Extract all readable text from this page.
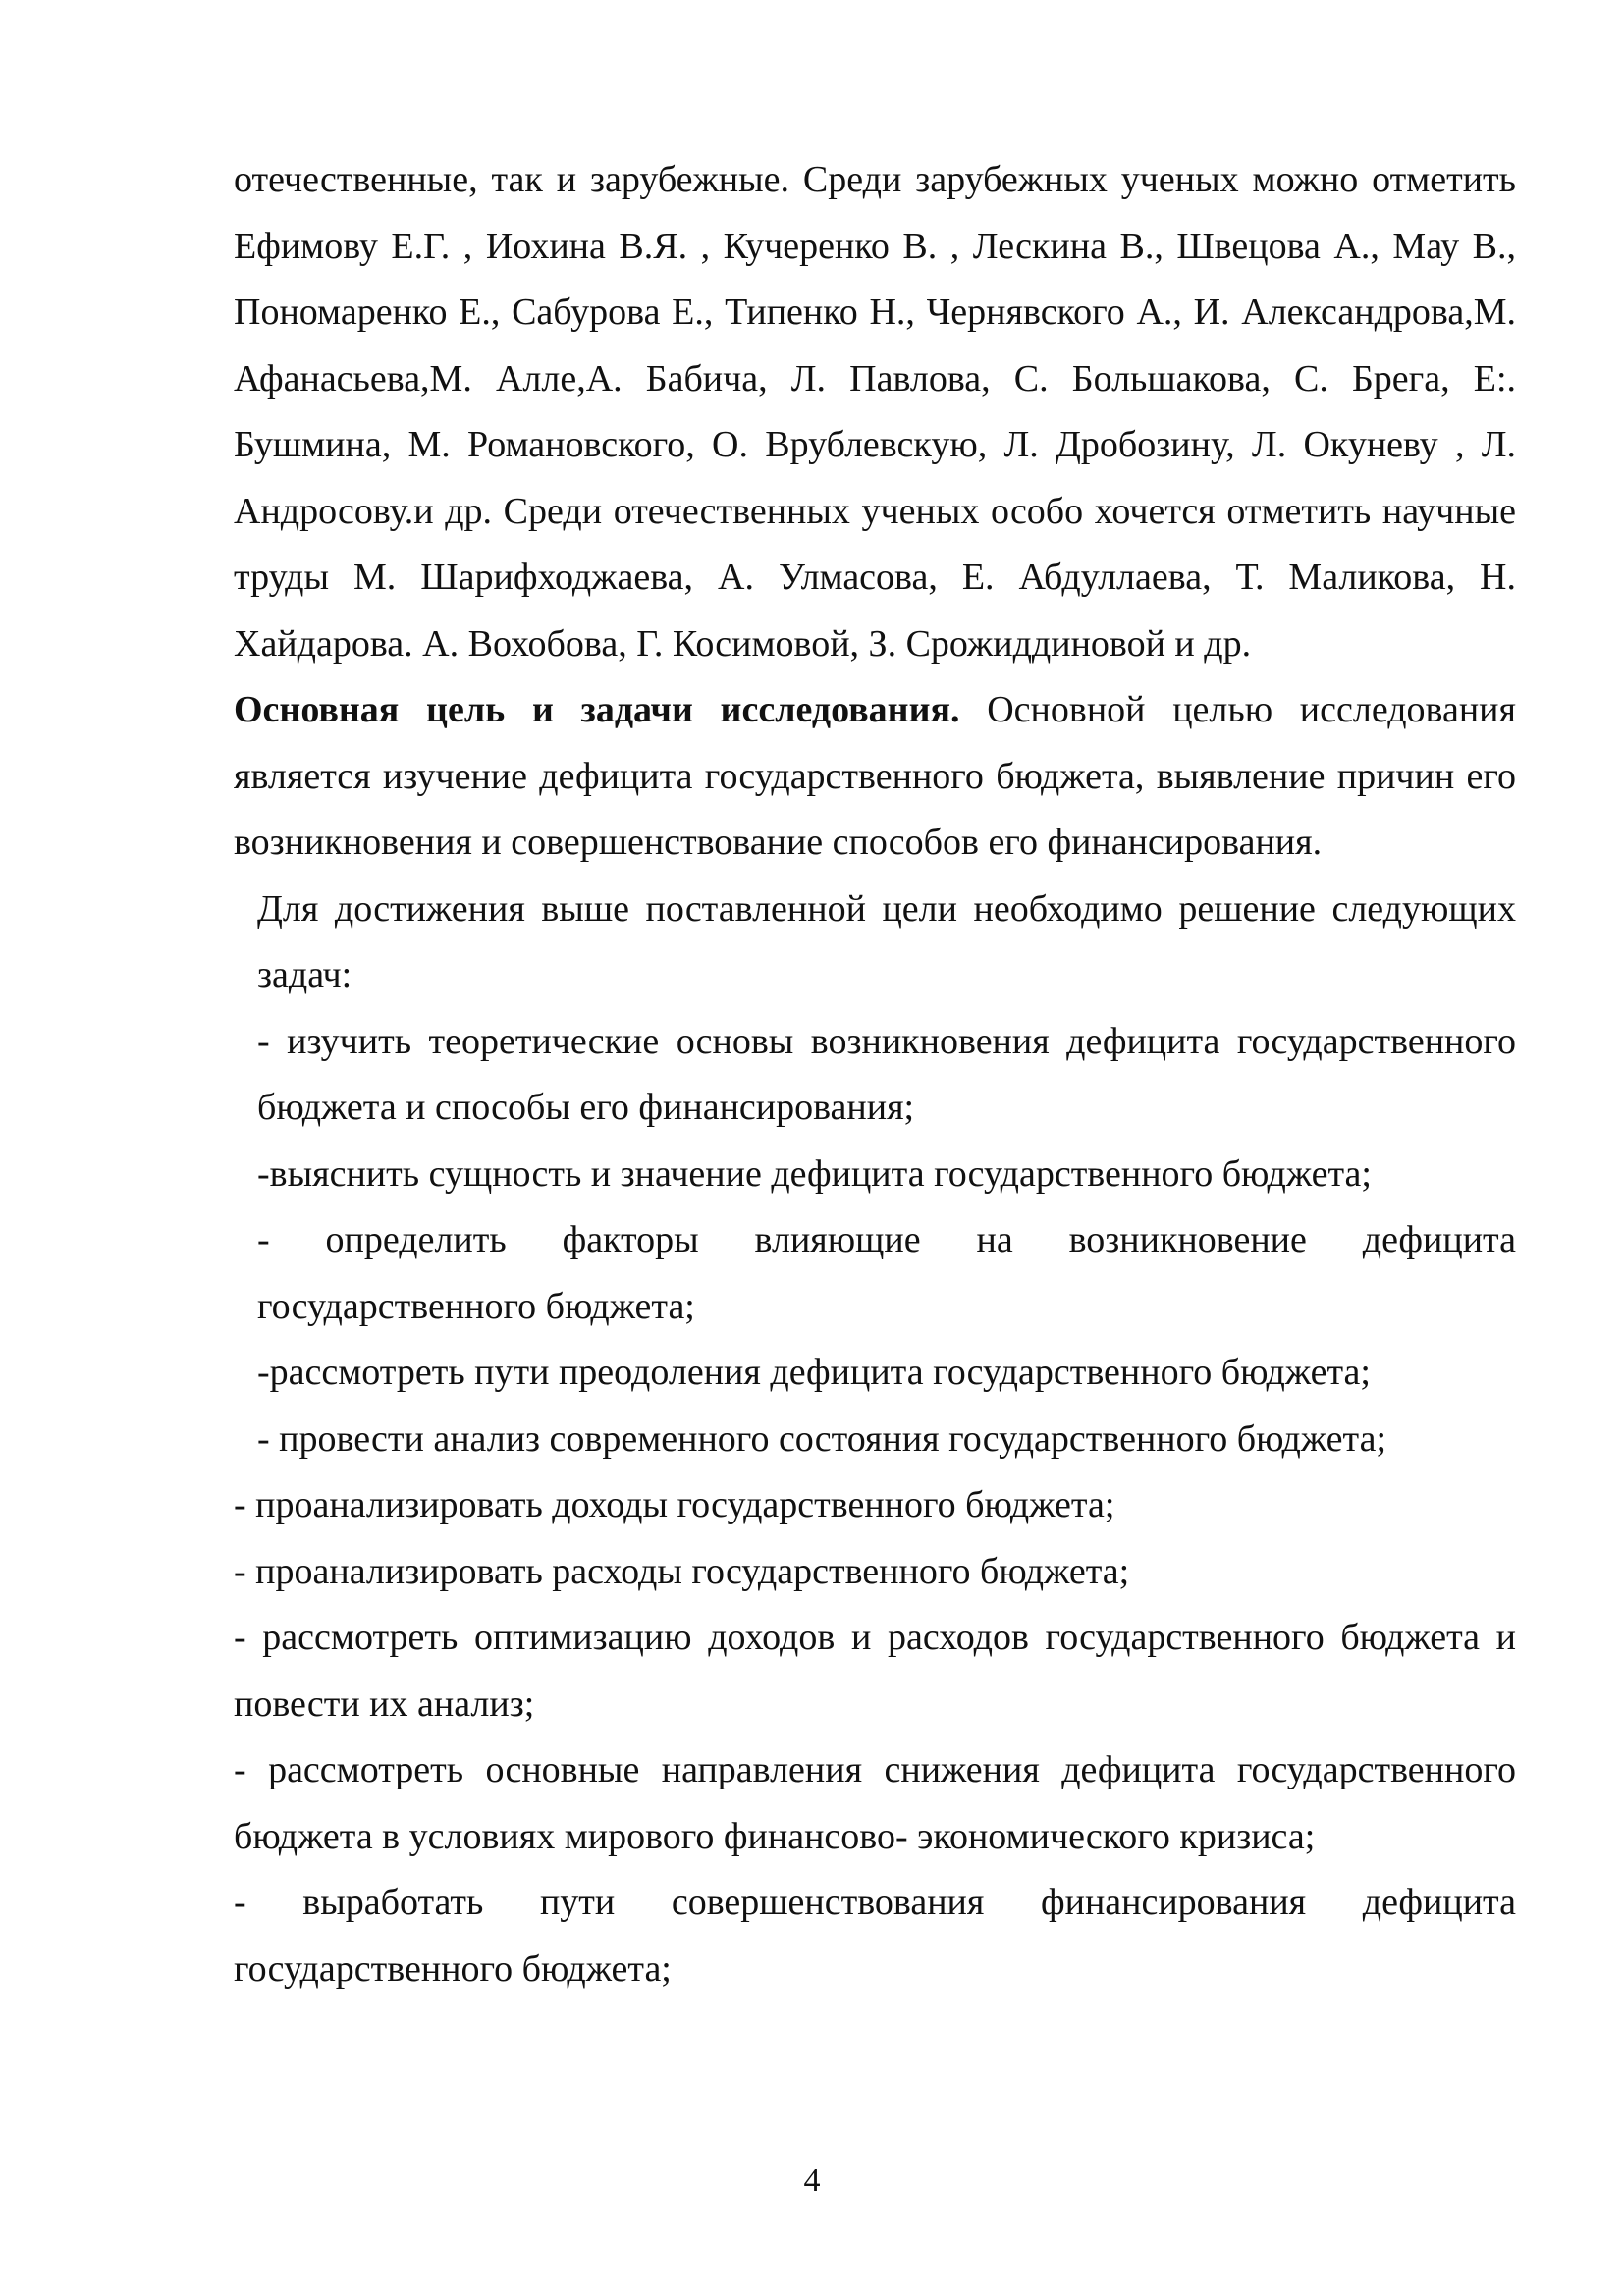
отечественные, так и зарубежные. Среди зарубежных ученых можно отметить Ефимову Е.Г. , Иохина В.Я. , Кучеренко В. , Лескина В., Швецова А., Мау В., Пономаренко Е., Сабурова Е., Типенко Н., Чернявского А., И. Александрова,М. Афанасьева,М. Алле,А. Бабича, Л. Павлова, С. Большакова, С. Брега, Е:. Бушмина, М. Романовского, О. Врублевскую, Л. Дробозину, Л. Окуневу , Л. Андросову.и др. Среди отечественных ученых особо хочется отметить научные труды М. Шарифходжаева, А. Улмасова, Е. Абдуллаева, Т. Маликова, Н. Хайдарова. А. Вохобова, Г. Косимовой, З. Срожиддиновой и др.

Основная цель и задачи исследования. Основной целью исследования является изучение дефицита государственного бюджета, выявление причин его возникновения и совершенствование способов его финансирования.

Для достижения выше поставленной цели необходимо решение следующих задач:

- изучить теоретические основы возникновения дефицита государственного бюджета и способы его финансирования;

-выяснить сущность и значение дефицита государственного бюджета;

- определить факторы влияющие на возникновение дефицита государственного бюджета;

-рассмотреть пути преодоления дефицита государственного бюджета;

- провести анализ современного состояния государственного бюджета;

- проанализировать доходы государственного бюджета;

- проанализировать расходы государственного бюджета;

- рассмотреть оптимизацию доходов и расходов государственного бюджета и повести их анализ;

- рассмотреть основные направления снижения дефицита государственного бюджета в условиях мирового финансово- экономического кризиса;

- выработать пути совершенствования финансирования дефицита государственного бюджета;

4
